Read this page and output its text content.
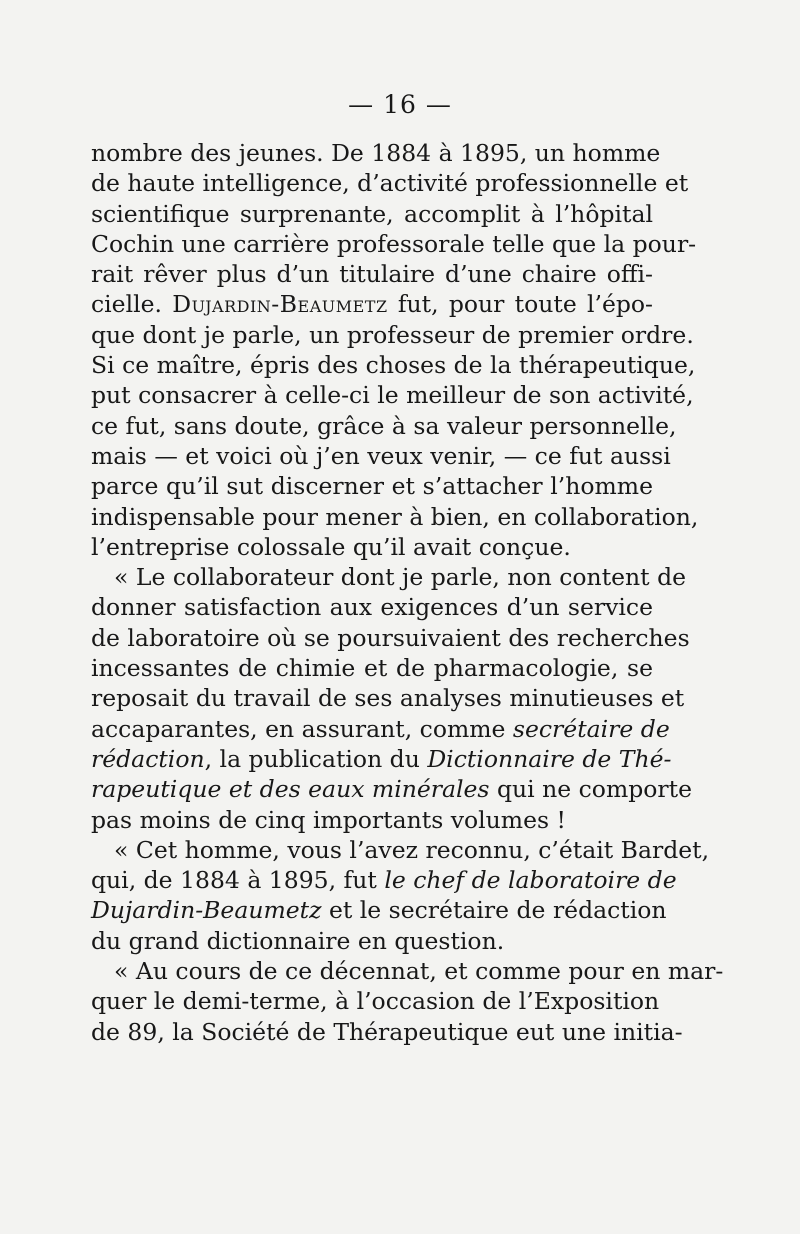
— 16 —
nombre des jeunes. De 1884 à 1895, un homme
de haute intelligence, d’activité professionnelle et
scientifique surprenante, accomplit à l’hôpital
Cochin une carrière professorale telle que la pour-
rait rêver plus d’un titulaire d’une chaire offi-
cielle. Dujardin-Beaumetz fut, pour toute l’épo-
que dont je parle, un professeur de premier ordre.
Si ce maître, épris des choses de la thérapeutique,
put consacrer à celle-ci le meilleur de son activité,
ce fut, sans doute, grâce à sa valeur personnelle,
mais — et voici où j’en veux venir, — ce fut aussi
parce qu’il sut discerner et s’attacher l’homme
indispensable pour mener à bien, en collaboration,
l’entreprise colossale qu’il avait conçue.
« Le collaborateur dont je parle, non content de
donner satisfaction aux exigences d’un service
de laboratoire où se poursuivaient des recherches
incessantes de chimie et de pharmacologie, se
reposait du travail de ses analyses minutieuses et
accaparantes, en assurant, comme secrétaire de
rédaction, la publication du Dictionnaire de Thé-
rapeutique et des eaux minérales qui ne comporte
pas moins de cinq importants volumes !
« Cet homme, vous l’avez reconnu, c’était Bardet,
qui, de 1884 à 1895, fut le chef de laboratoire de
Dujardin-Beaumetz et le secrétaire de rédaction
du grand dictionnaire en question.
« Au cours de ce décennat, et comme pour en mar-
quer le demi-terme, à l’occasion de l’Exposition
de 89, la Société de Thérapeutique eut une initia-
